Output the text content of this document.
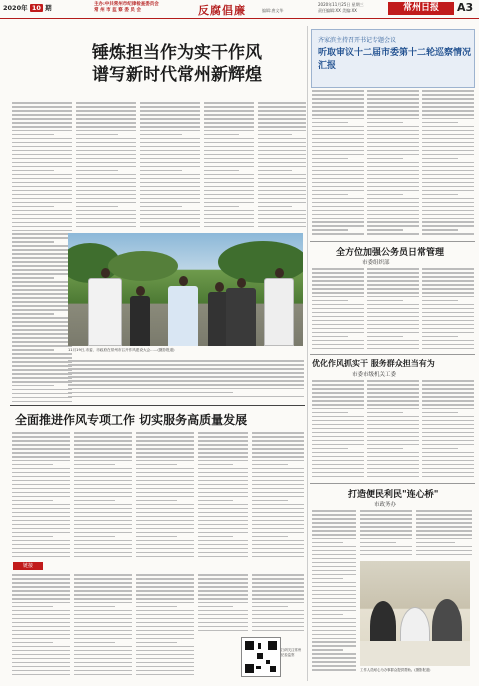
2020年 10 期	主办:中共常州市纪律检查委员会
常 州 市 监 察 委 员 会	反腐倡廉	编辑:唐文华
2020年11月25日 星期三
责任编辑:XX 美编:XX	常州日报	A3
锤炼担当作为实干作风
谱写新时代常州新辉煌
11月19日,市委、市政府在常州市召开作风建设大会……(摄影报道)
齐家滨主持召开书记专题会议
听取审议十二届市委第十二轮巡察情况汇报
全方位加强公务员日常管理
市委组织部
优化作风抓实干 服务群众担当有为
市委市级机关工委
打造便民利民"连心桥"
市政务办
工作人员耐心为办事群众提供帮助。(摄影报道)
全面推进作风专项工作 切实服务高质量发展
链接
扫码关注常州纪检监察
